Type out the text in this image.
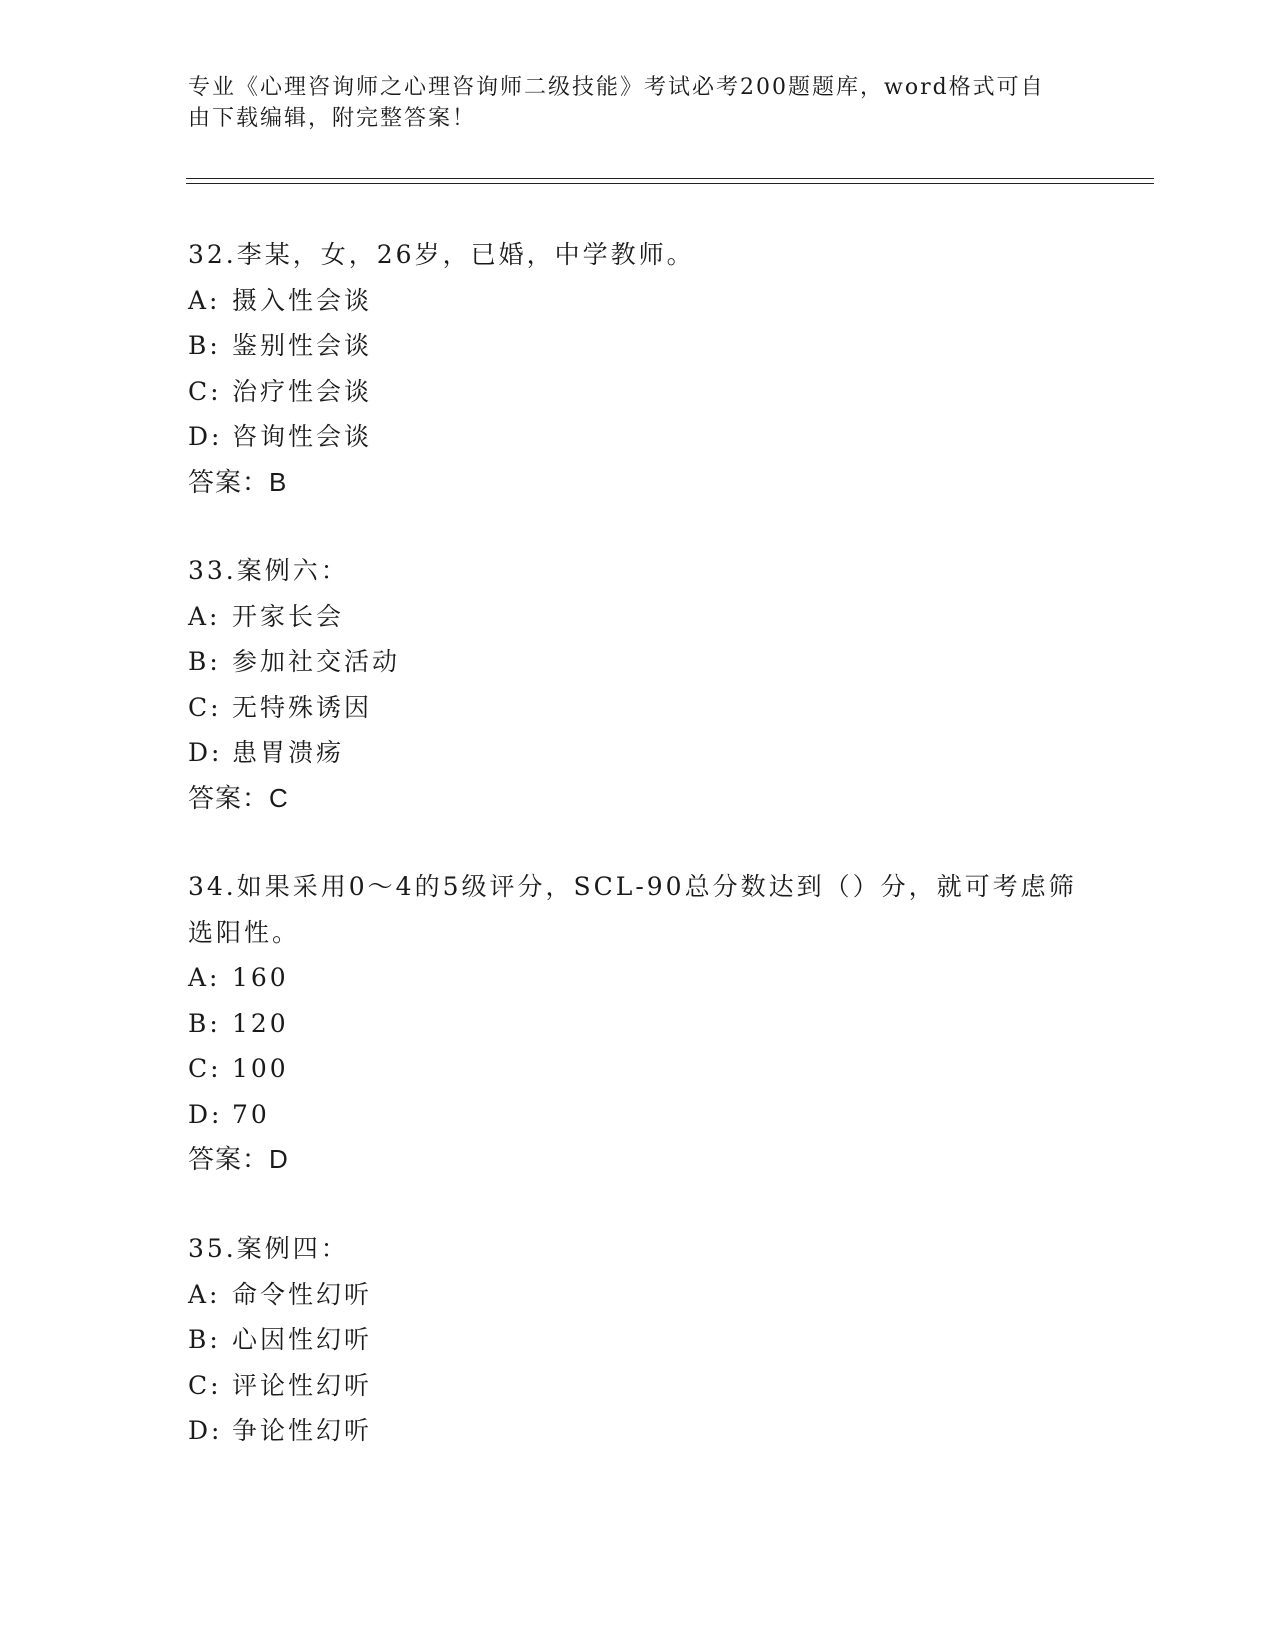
专业《心理咨询师之心理咨询师二级技能》考试必考200题题库，word格式可自由下载编辑，附完整答案！
32.李某，女，26岁，已婚，中学教师。
A: 摄入性会谈
B: 鉴别性会谈
C: 治疗性会谈
D: 咨询性会谈
答案：B
33.案例六：
A: 开家长会
B: 参加社交活动
C: 无特殊诱因
D: 患胃溃疡
答案：C
34.如果采用0～4的5级评分，SCL-90总分数达到（）分，就可考虑筛选阳性。
A: 160
B: 120
C: 100
D: 70
答案：D
35.案例四：
A: 命令性幻听
B: 心因性幻听
C: 评论性幻听
D: 争论性幻听
